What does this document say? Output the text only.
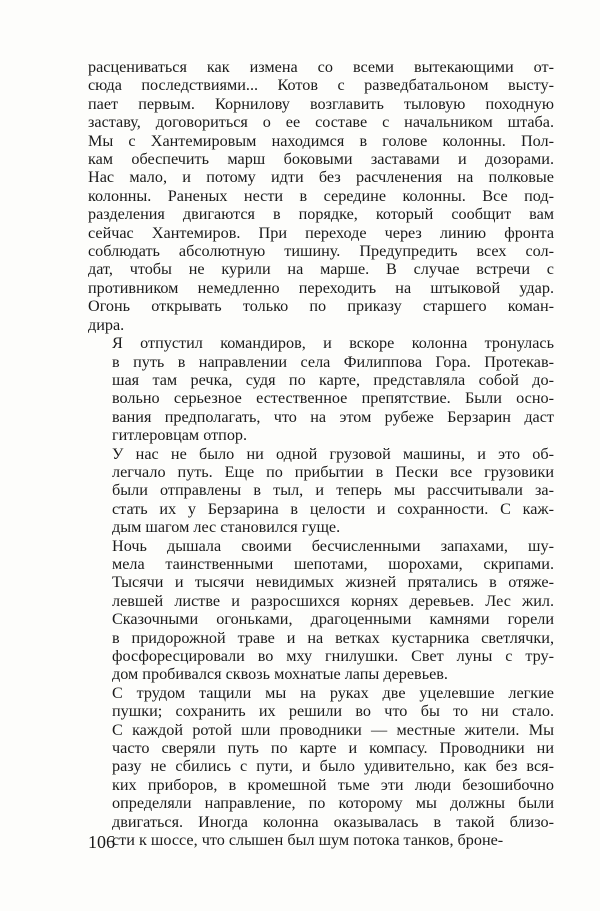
расцениваться как измена со всеми вытекающими от-
сюда последствиями... Котов с разведбатальоном высту-
пает первым. Корнилову возглавить тыловую походную
заставу, договориться о ее составе с начальником штаба.
Мы с Хантемировым находимся в голове колонны. Пол-
кам обеспечить марш боковыми заставами и дозорами.
Нас мало, и потому идти без расчленения на полковые
колонны. Раненых нести в середине колонны. Все под-
разделения двигаются в порядке, который сообщит вам
сейчас Хантемиров. При переходе через линию фронта
соблюдать абсолютную тишину. Предупредить всех сол-
дат, чтобы не курили на марше. В случае встречи с
противником немедленно переходить на штыковой удар.
Огонь открывать только по приказу старшего коман-
дира.

Я отпустил командиров, и вскоре колонна тронулась
в путь в направлении села Филиппова Гора. Протекав-
шая там речка, судя по карте, представляла собой до-
вольно серьезное естественное препятствие. Были осно-
вания предполагать, что на этом рубеже Берзарин даст
гитлеровцам отпор.

У нас не было ни одной грузовой машины, и это об-
легчало путь. Еще по прибытии в Пески все грузовики
были отправлены в тыл, и теперь мы рассчитывали за-
стать их у Берзарина в целости и сохранности. С каж-
дым шагом лес становился гуще.

Ночь дышала своими бесчисленными запахами, шу-
мела таинственными шепотами, шорохами, скрипами.
Тысячи и тысячи невидимых жизней прятались в отяже-
левшей листве и разросшихся корнях деревьев. Лес жил.
Сказочными огоньками, драгоценными камнями горели
в придорожной траве и на ветках кустарника светлячки,
фосфоресцировали во мху гнилушки. Свет луны с тру-
дом пробивался сквозь мохнатые лапы деревьев.

С трудом тащили мы на руках две уцелевшие легкие
пушки; сохранить их решили во что бы то ни стало.
С каждой ротой шли проводники — местные жители. Мы
часто сверяли путь по карте и компасу. Проводники ни
разу не сбились с пути, и было удивительно, как без вся-
ких приборов, в кромешной тьме эти люди безошибочно
определяли направление, по которому мы должны были
двигаться. Иногда колонна оказывалась в такой близо-
сти к шоссе, что слышен был шум потока танков, броне-

106
